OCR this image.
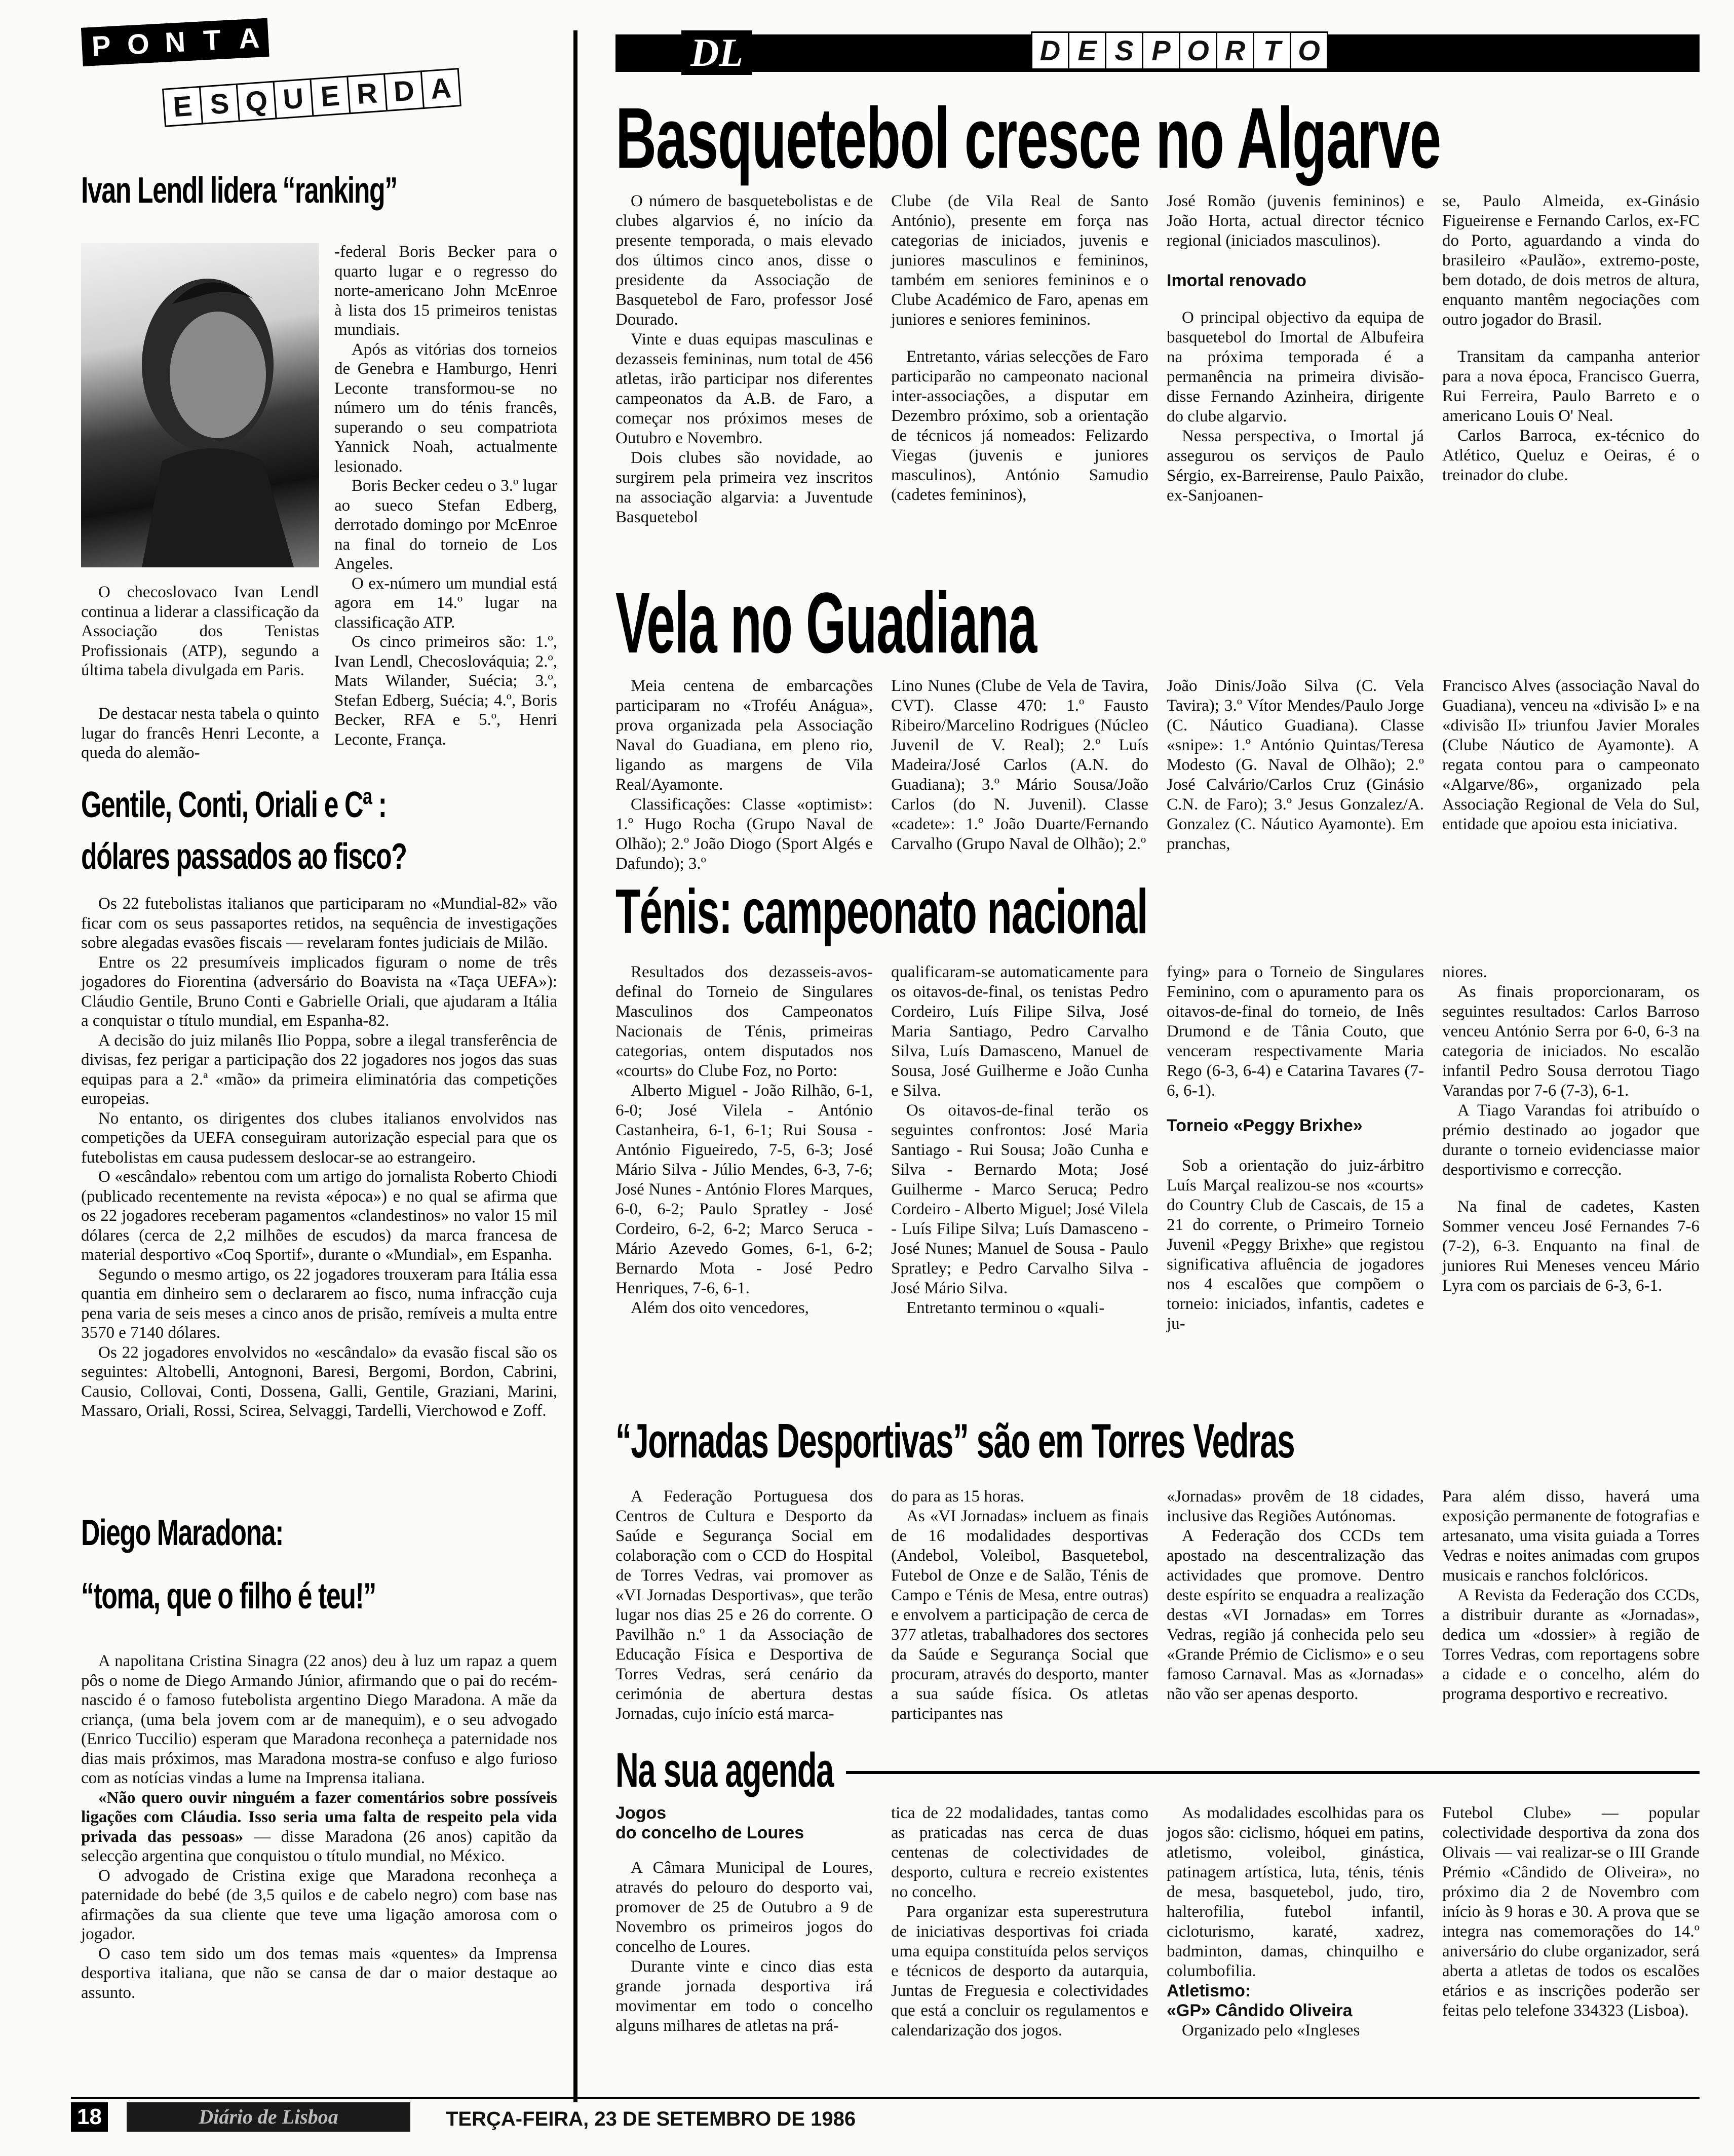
P O N T A
E S Q U E R D A
DL	D E S P O R T O
Ivan Lendl lidera “ranking”

O checoslovaco Ivan Lendl continua a liderar a classificação da Associação dos Tenistas Profissionais (ATP), segundo a última tabela divulgada em Paris.

De destacar nesta tabela o quinto lugar do francês Henri Leconte, a queda do alemão-

-federal Boris Becker para o quarto lugar e o regresso do norte-americano John McEnroe à lista dos 15 primeiros tenistas mundiais.

Após as vitórias dos torneios de Genebra e Hamburgo, Henri Leconte transformou-se no número um do ténis francês, superando o seu compatriota Yannick Noah, actualmente lesionado.

Boris Becker cedeu o 3.º lugar ao sueco Stefan Edberg, derrotado domingo por McEnroe na final do torneio de Los Angeles.

O ex-número um mundial está agora em 14.º lugar na classificação ATP.

Os cinco primeiros são: 1.º, Ivan Lendl, Checoslováquia; 2.º, Mats Wilander, Suécia; 3.º, Stefan Edberg, Suécia; 4.º, Boris Becker, RFA e 5.º, Henri Leconte, França.

Gentile, Conti, Oriali e Cª :
dólares passados ao fisco?

Os 22 futebolistas italianos que participaram no «Mundial-82» vão ficar com os seus passaportes retidos, na sequência de investigações sobre alegadas evasões fiscais — revelaram fontes judiciais de Milão.

Entre os 22 presumíveis implicados figuram o nome de três jogadores do Fiorentina (adversário do Boavista na «Taça UEFA»): Cláudio Gentile, Bruno Conti e Gabrielle Oriali, que ajudaram a Itália a conquistar o título mundial, em Espanha-82.

A decisão do juiz milanês Ilio Poppa, sobre a ilegal transferência de divisas, fez perigar a participação dos 22 jogadores nos jogos das suas equipas para a 2.ª «mão» da primeira eliminatória das competições europeias.

No entanto, os dirigentes dos clubes italianos envolvidos nas competições da UEFA conseguiram autorização especial para que os futebolistas em causa pudessem deslocar-se ao estrangeiro.

O «escândalo» rebentou com um artigo do jornalista Roberto Chiodi (publicado recentemente na revista «época») e no qual se afirma que os 22 jogadores receberam pagamentos «clandestinos» no valor 15 mil dólares (cerca de 2,2 milhões de escudos) da marca francesa de material desportivo «Coq Sportif», durante o «Mundial», em Espanha.

Segundo o mesmo artigo, os 22 jogadores trouxeram para Itália essa quantia em dinheiro sem o declararem ao fisco, numa infracção cuja pena varia de seis meses a cinco anos de prisão, remíveis a multa entre 3570 e 7140 dólares.

Os 22 jogadores envolvidos no «escândalo» da evasão fiscal são os seguintes: Altobelli, Antognoni, Baresi, Bergomi, Bordon, Cabrini, Causio, Collovai, Conti, Dossena, Galli, Gentile, Graziani, Marini, Massaro, Oriali, Rossi, Scirea, Selvaggi, Tardelli, Vierchowod e Zoff.

Diego Maradona:
“toma, que o filho é teu!”

A napolitana Cristina Sinagra (22 anos) deu à luz um rapaz a quem pôs o nome de Diego Armando Júnior, afirmando que o pai do recém-nascido é o famoso futebolista argentino Diego Maradona. A mãe da criança, (uma bela jovem com ar de manequim), e o seu advogado (Enrico Tuccilio) esperam que Maradona reconheça a paternidade nos dias mais próximos, mas Maradona mostra-se confuso e algo furioso com as notícias vindas a lume na Imprensa italiana.

«Não quero ouvir ninguém a fazer comentários sobre possíveis ligações com Cláudia. Isso seria uma falta de respeito pela vida privada das pessoas» — disse Maradona (26 anos) capitão da selecção argentina que conquistou o título mundial, no México.

O advogado de Cristina exige que Maradona reconheça a paternidade do bebé (de 3,5 quilos e de cabelo negro) com base nas afirmações da sua cliente que teve uma ligação amorosa com o jogador.

O caso tem sido um dos temas mais «quentes» da Imprensa desportiva italiana, que não se cansa de dar o maior destaque ao assunto.

Basquetebol cresce no Algarve

O número de basquetebolistas e de clubes algarvios é, no início da presente temporada, o mais elevado dos últimos cinco anos, disse o presidente da Associação de Basquetebol de Faro, professor José Dourado.

Vinte e duas equipas masculinas e dezasseis femininas, num total de 456 atletas, irão participar nos diferentes campeonatos da A.B. de Faro, a começar nos próximos meses de Outubro e Novembro.

Dois clubes são novidade, ao surgirem pela primeira vez inscritos na associação algarvia: a Juventude Basquetebol

Clube (de Vila Real de Santo António), presente em força nas categorias de iniciados, juvenis e juniores masculinos e femininos, também em seniores femininos e o Clube Académico de Faro, apenas em juniores e seniores femininos.

Entretanto, várias selecções de Faro participarão no campeonato nacional inter-associações, a disputar em Dezembro próximo, sob a orientação de técnicos já nomeados: Felizardo Viegas (juvenis e juniores masculinos), António Samudio (cadetes femininos),

José Romão (juvenis femininos) e João Horta, actual director técnico regional (iniciados masculinos).

Imortal renovado

O principal objectivo da equipa de basquetebol do Imortal de Albufeira na próxima temporada é a permanência na primeira divisão-disse Fernando Azinheira, dirigente do clube algarvio.

Nessa perspectiva, o Imortal já assegurou os serviços de Paulo Sérgio, ex-Barreirense, Paulo Paixão, ex-Sanjoanen-

se, Paulo Almeida, ex-Ginásio Figueirense e Fernando Carlos, ex-FC do Porto, aguardando a vinda do brasileiro «Paulão», extremo-poste, bem dotado, de dois metros de altura, enquanto mantêm negociações com outro jogador do Brasil.

Transitam da campanha anterior para a nova época, Francisco Guerra, Rui Ferreira, Paulo Barreto e o americano Louis O' Neal.

Carlos Barroca, ex-técnico do Atlético, Queluz e Oeiras, é o treinador do clube.

Vela no Guadiana

Meia centena de embarcações participaram no «Troféu Anágua», prova organizada pela Associação Naval do Guadiana, em pleno rio, ligando as margens de Vila Real/Ayamonte.

Classificações: Classe «optimist»: 1.º Hugo Rocha (Grupo Naval de Olhão); 2.º João Diogo (Sport Algés e Dafundo); 3.º

Lino Nunes (Clube de Vela de Tavira, CVT). Classe 470: 1.º Fausto Ribeiro/Marcelino Rodrigues (Núcleo Juvenil de V. Real); 2.º Luís Madeira/José Carlos (A.N. do Guadiana); 3.º Mário Sousa/João Carlos (do N. Juvenil). Classe «cadete»: 1.º João Duarte/Fernando Carvalho (Grupo Naval de Olhão); 2.º

João Dinis/João Silva (C. Vela Tavira); 3.º Vítor Mendes/Paulo Jorge (C. Náutico Guadiana). Classe «snipe»: 1.º António Quintas/Teresa Modesto (G. Naval de Olhão); 2.º José Calvário/Carlos Cruz (Ginásio C.N. de Faro); 3.º Jesus Gonzalez/A. Gonzalez (C. Náutico Ayamonte). Em pranchas,

Francisco Alves (associação Naval do Guadiana), venceu na «divisão I» e na «divisão II» triunfou Javier Morales (Clube Náutico de Ayamonte). A regata contou para o campeonato «Algarve/86», organizado pela Associação Regional de Vela do Sul, entidade que apoiou esta iniciativa.

Ténis: campeonato nacional

Resultados dos dezasseis-avos-definal do Torneio de Singulares Masculinos dos Campeonatos Nacionais de Ténis, primeiras categorias, ontem disputados nos «courts» do Clube Foz, no Porto:

Alberto Miguel - João Rilhão, 6-1, 6-0; José Vilela - António Castanheira, 6-1, 6-1; Rui Sousa - António Figueiredo, 7-5, 6-3; José Mário Silva - Júlio Mendes, 6-3, 7-6; José Nunes - António Flores Marques, 6-0, 6-2; Paulo Spratley - José Cordeiro, 6-2, 6-2; Marco Seruca - Mário Azevedo Gomes, 6-1, 6-2; Bernardo Mota - José Pedro Henriques, 7-6, 6-1.

Além dos oito vencedores,

qualificaram-se automaticamente para os oitavos-de-final, os tenistas Pedro Cordeiro, Luís Filipe Silva, José Maria Santiago, Pedro Carvalho Silva, Luís Damasceno, Manuel de Sousa, José Guilherme e João Cunha e Silva.

Os oitavos-de-final terão os seguintes confrontos: José Maria Santiago - Rui Sousa; João Cunha e Silva - Bernardo Mota; José Guilherme - Marco Seruca; Pedro Cordeiro - Alberto Miguel; José Vilela - Luís Filipe Silva; Luís Damasceno - José Nunes; Manuel de Sousa - Paulo Spratley; e Pedro Carvalho Silva - José Mário Silva.

Entretanto terminou o «quali-

fying» para o Torneio de Singulares Feminino, com o apuramento para os oitavos-de-final do torneio, de Inês Drumond e de Tânia Couto, que venceram respectivamente Maria Rego (6-3, 6-4) e Catarina Tavares (7-6, 6-1).

Torneio «Peggy Brixhe»

Sob a orientação do juiz-árbitro Luís Marçal realizou-se nos «courts» do Country Club de Cascais, de 15 a 21 do corrente, o Primeiro Torneio Juvenil «Peggy Brixhe» que registou significativa afluência de jogadores nos 4 escalões que compõem o torneio: iniciados, infantis, cadetes e ju-

niores.

As finais proporcionaram, os seguintes resultados: Carlos Barroso venceu António Serra por 6-0, 6-3 na categoria de iniciados. No escalão infantil Pedro Sousa derrotou Tiago Varandas por 7-6 (7-3), 6-1.

A Tiago Varandas foi atribuído o prémio destinado ao jogador que durante o torneio evidenciasse maior desportivismo e correcção.

Na final de cadetes, Kasten Sommer venceu José Fernandes 7-6 (7-2), 6-3. Enquanto na final de juniores Rui Meneses venceu Mário Lyra com os parciais de 6-3, 6-1.

“Jornadas Desportivas” são em Torres Vedras

A Federação Portuguesa dos Centros de Cultura e Desporto da Saúde e Segurança Social em colaboração com o CCD do Hospital de Torres Vedras, vai promover as «VI Jornadas Desportivas», que terão lugar nos dias 25 e 26 do corrente. O Pavilhão n.º 1 da Associação de Educação Física e Desportiva de Torres Vedras, será cenário da cerimónia de abertura destas Jornadas, cujo início está marca-

do para as 15 horas.

As «VI Jornadas» incluem as finais de 16 modalidades desportivas (Andebol, Voleibol, Basquetebol, Futebol de Onze e de Salão, Ténis de Campo e Ténis de Mesa, entre outras) e envolvem a participação de cerca de 377 atletas, trabalhadores dos sectores da Saúde e Segurança Social que procuram, através do desporto, manter a sua saúde física. Os atletas participantes nas

«Jornadas» provêm de 18 cidades, inclusive das Regiões Autónomas.

A Federação dos CCDs tem apostado na descentralização das actividades que promove. Dentro deste espírito se enquadra a realização destas «VI Jornadas» em Torres Vedras, região já conhecida pelo seu «Grande Prémio de Ciclismo» e o seu famoso Carnaval. Mas as «Jornadas» não vão ser apenas desporto.

Para além disso, haverá uma exposição permanente de fotografias e artesanato, uma visita guiada a Torres Vedras e noites animadas com grupos musicais e ranchos folclóricos.

A Revista da Federação dos CCDs, a distribuir durante as «Jornadas», dedica um «dossier» à região de Torres Vedras, com reportagens sobre a cidade e o concelho, além do programa desportivo e recreativo.

Na sua agenda

Jogos

do concelho de Loures

A Câmara Municipal de Loures, através do pelouro do desporto vai, promover de 25 de Outubro a 9 de Novembro os primeiros jogos do concelho de Loures.

Durante vinte e cinco dias esta grande jornada desportiva irá movimentar em todo o concelho alguns milhares de atletas na prá-

tica de 22 modalidades, tantas como as praticadas nas cerca de duas centenas de colectividades de desporto, cultura e recreio existentes no concelho.

Para organizar esta superestrutura de iniciativas desportivas foi criada uma equipa constituída pelos serviços e técnicos de desporto da autarquia, Juntas de Freguesia e colectividades que está a concluir os regulamentos e calendarização dos jogos.

As modalidades escolhidas para os jogos são: ciclismo, hóquei em patins, atletismo, voleibol, ginástica, patinagem artística, luta, ténis, ténis de mesa, basquetebol, judo, tiro, halterofilia, futebol infantil, cicloturismo, karaté, xadrez, badminton, damas, chinquilho e columbofilia.

Atletismo:

«GP» Cândido Oliveira

Organizado pelo «Ingleses

Futebol Clube» — popular colectividade desportiva da zona dos Olivais — vai realizar-se o III Grande Prémio «Cândido de Oliveira», no próximo dia 2 de Novembro com início às 9 horas e 30. A prova que se integra nas comemorações do 14.º aniversário do clube organizador, será aberta a atletas de todos os escalões etários e as inscrições poderão ser feitas pelo telefone 334323 (Lisboa).

18	Diário de Lisboa	TERÇA-FEIRA, 23 DE SETEMBRO DE 1986
